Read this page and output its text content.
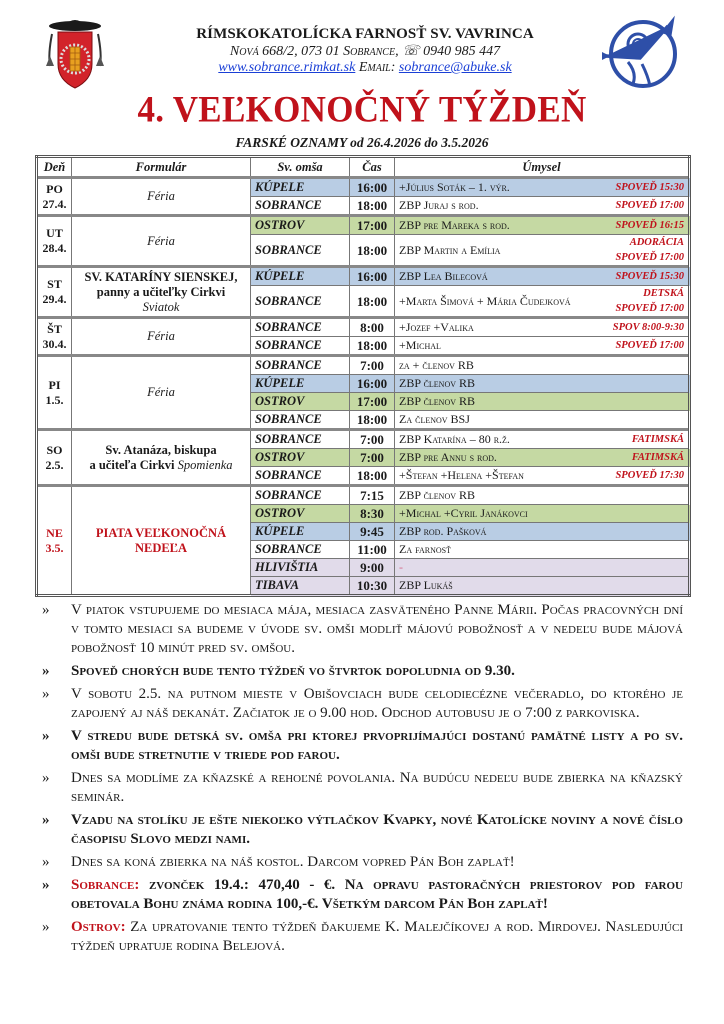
RÍMSKOKATOLÍCKA FARNOSŤ SV. VAVRINCA
Nová 668/2, 073 01 Sobrance, ☏ 0940 985 447
www.sobrance.rimkat.sk Email: sobrance@abuke.sk
4. VEĽKONOČNÝ TÝŽDEŇ
FARSKÉ OZNAMY od 26.4.2026 do 3.5.2026
Deň	Formulár	Sv. omša	Čas	Úmysel	

PO
27.4.	Féria	KÚPELE	16:00	+Július Soták – 1. výr.	SPOVEĎ 15:30

		SOBRANCE	18:00	ZBP Juraj s rod.	SPOVEĎ 17:00

UT
28.4.	Féria	OSTROV	17:00	ZBP pre Mareka s rod.	SPOVEĎ 16:15

		SOBRANCE	18:00	ZBP Martin a Emília	ADORÁCIA
SPOVEĎ 17:00

ST
29.4.

SV. KATARÍNY SIENSKEJ,
panny a učiteľky Cirkvi
Sviatok
	KÚPELE	16:00	ZBP Lea Bilecová	SPOVEĎ 15:30

		SOBRANCE	18:00	+Marta Šimová + Mária Čudejková	DETSKÁ
SPOVEĎ 17:00

ŠT
30.4.	Féria	SOBRANCE	8:00	+Jozef +Valika	SPOV 8:00-9:30

		SOBRANCE	18:00	+Michal	SPOVEĎ 17:00

PI
1.5.	Féria	SOBRANCE	7:00	za + členov RB	

		KÚPELE	16:00	ZBP členov RB	

		OSTROV	17:00	ZBP členov RB	

		SOBRANCE	18:00	Za členov BSJ	

SO
2.5.

Sv. Atanáza, biskupa
a učiteľa Cirkvi Spomienka
	SOBRANCE	7:00	ZBP Katarína – 80 r.ž.	FATIMSKÁ

		OSTROV	7:00	ZBP pre Annu s rod.	FATIMSKÁ

		SOBRANCE	18:00	+Štefan +Helena +Štefan	SPOVEĎ 17:30

NE
3.5.

PIATA VEĽKONOČNÁ
NEDEĽA
	SOBRANCE	7:15	ZBP členov RB
		OSTROV	8:30	+Michal +Cyril Janákovci	
		KÚPELE	9:45	ZBP rod. Pašková	
		SOBRANCE	11:00	Za farnosť	
		HLIVIŠTIA	9:00	-	
		TIBAVA	10:30	ZBP Lukáš	
» V piatok vstupujeme do mesiaca mája, mesiaca zasväteného Panne Márii. Počas pracovných dní v tomto mesiaci sa budeme v úvode sv. omši modliť májovú pobožnosť a v nedeľu bude májová pobožnosť 10 minút pred sv. omšou.
» Spoveď chorých bude tento týždeň vo štvrtok dopoludnia od 9.30.
» V sobotu 2.5. na putnom mieste v Obišovciach bude celodiecézne večeradlo, do ktorého je zapojený aj náš dekanát. Začiatok je o 9.00 hod. Odchod autobusu je o 7:00 z parkoviska.
» V stredu bude detská sv. omša pri ktorej prvoprijímajúci dostanú pamätné listy a po sv. omši bude stretnutie v triede pod farou.
» Dnes sa modlíme za kňazské a rehoľné povolania. Na budúcu nedeľu bude zbierka na kňazský seminár.
» Vzadu na stolíku je ešte niekoľko výtlačkov Kvapky, nové Katolícke noviny a nové číslo časopisu Slovo medzi nami.
» Dnes sa koná zbierka na náš kostol. Darcom vopred Pán Boh zaplať!
» Sobrance: zvonček 19.4.: 470,40 - €. Na opravu pastoračných priestorov pod farou obetovala Bohu známa rodina 100,-€. Všetkým darcom Pán Boh zaplať!
» Ostrov: Za upratovanie tento týždeň ďakujeme K. Malejčíkovej a rod. Mirdovej. Nasledujúci týždeň upratuje rodina Belejová.
